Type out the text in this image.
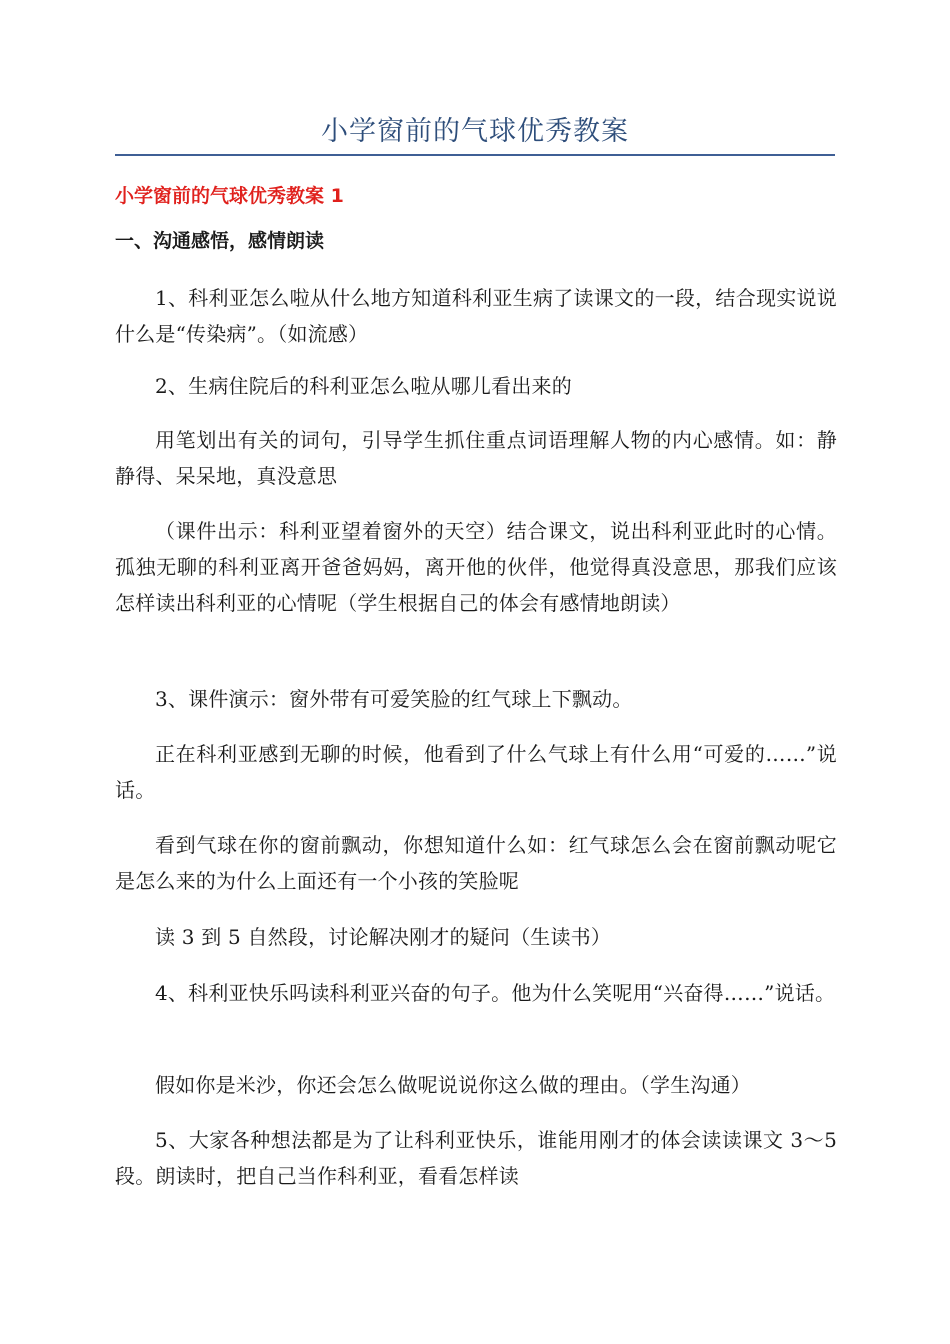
小学窗前的气球优秀教案
小学窗前的气球优秀教案 1
一、沟通感悟，感情朗读

1、科利亚怎么啦从什么地方知道科利亚生病了读课文的一段，结合现实说说什么是“传染病”。（如流感）

2、生病住院后的科利亚怎么啦从哪儿看出来的

用笔划出有关的词句，引导学生抓住重点词语理解人物的内心感情。如：静静得、呆呆地，真没意思

（课件出示：科利亚望着窗外的天空）结合课文，说出科利亚此时的心情。孤独无聊的科利亚离开爸爸妈妈，离开他的伙伴，他觉得真没意思，那我们应该怎样读出科利亚的心情呢（学生根据自己的体会有感情地朗读）

3、课件演示：窗外带有可爱笑脸的红气球上下飘动。

正在科利亚感到无聊的时候，他看到了什么气球上有什么用“可爱的……”说话。

看到气球在你的窗前飘动，你想知道什么如：红气球怎么会在窗前飘动呢它是怎么来的为什么上面还有一个小孩的笑脸呢

读 3 到 5 自然段，讨论解决刚才的疑问（生读书）

4、科利亚快乐吗读科利亚兴奋的句子。他为什么笑呢用“兴奋得……”说话。

假如你是米沙，你还会怎么做呢说说你这么做的理由。（学生沟通）

5、大家各种想法都是为了让科利亚快乐，谁能用刚才的体会读读课文 3～5 段。朗读时，把自己当作科利亚，看看怎样读
